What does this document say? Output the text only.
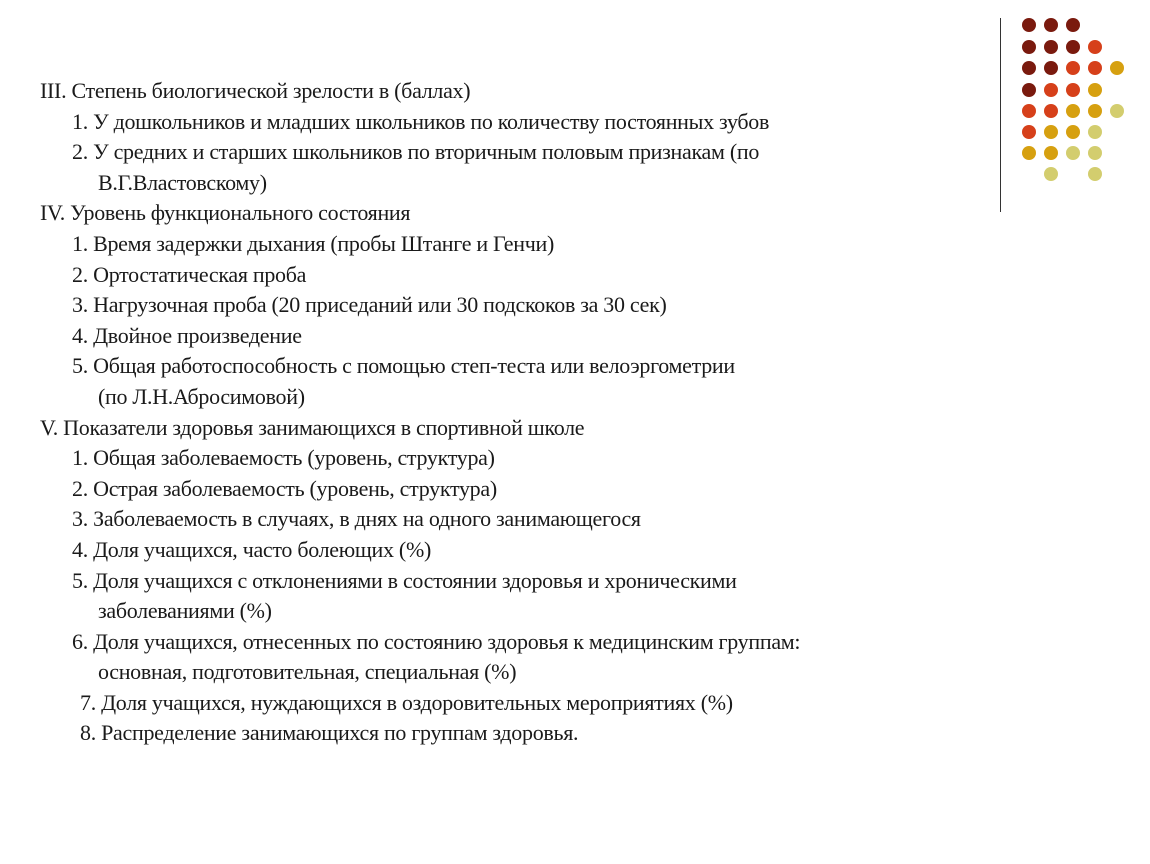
III. Степень биологической зрелости в (баллах)
1. У дошкольников и младших школьников по количеству постоянных зубов
2. У средних и старших школьников по вторичным половым признакам (по
В.Г.Властовскому)
IV. Уровень функционального состояния
1. Время задержки дыхания (пробы Штанге и Генчи)
2. Ортостатическая проба
3. Нагрузочная проба (20 приседаний или 30 подскоков за 30 сек)
4. Двойное произведение
5. Общая работоспособность с помощью степ-теста или велоэргометрии
(по Л.Н.Абросимовой)
V. Показатели здоровья занимающихся в спортивной школе
1. Общая заболеваемость (уровень, структура)
2. Острая заболеваемость (уровень, структура)
3. Заболеваемость в случаях, в днях на одного занимающегося
4. Доля учащихся, часто болеющих (%)
5. Доля учащихся с отклонениями в состоянии здоровья и хроническими
заболеваниями (%)
6. Доля учащихся, отнесенных по состоянию здоровья к медицинским группам:
основная, подготовительная, специальная (%)
7. Доля учащихся, нуждающихся в оздоровительных мероприятиях (%)
8. Распределение занимающихся по группам здоровья.
